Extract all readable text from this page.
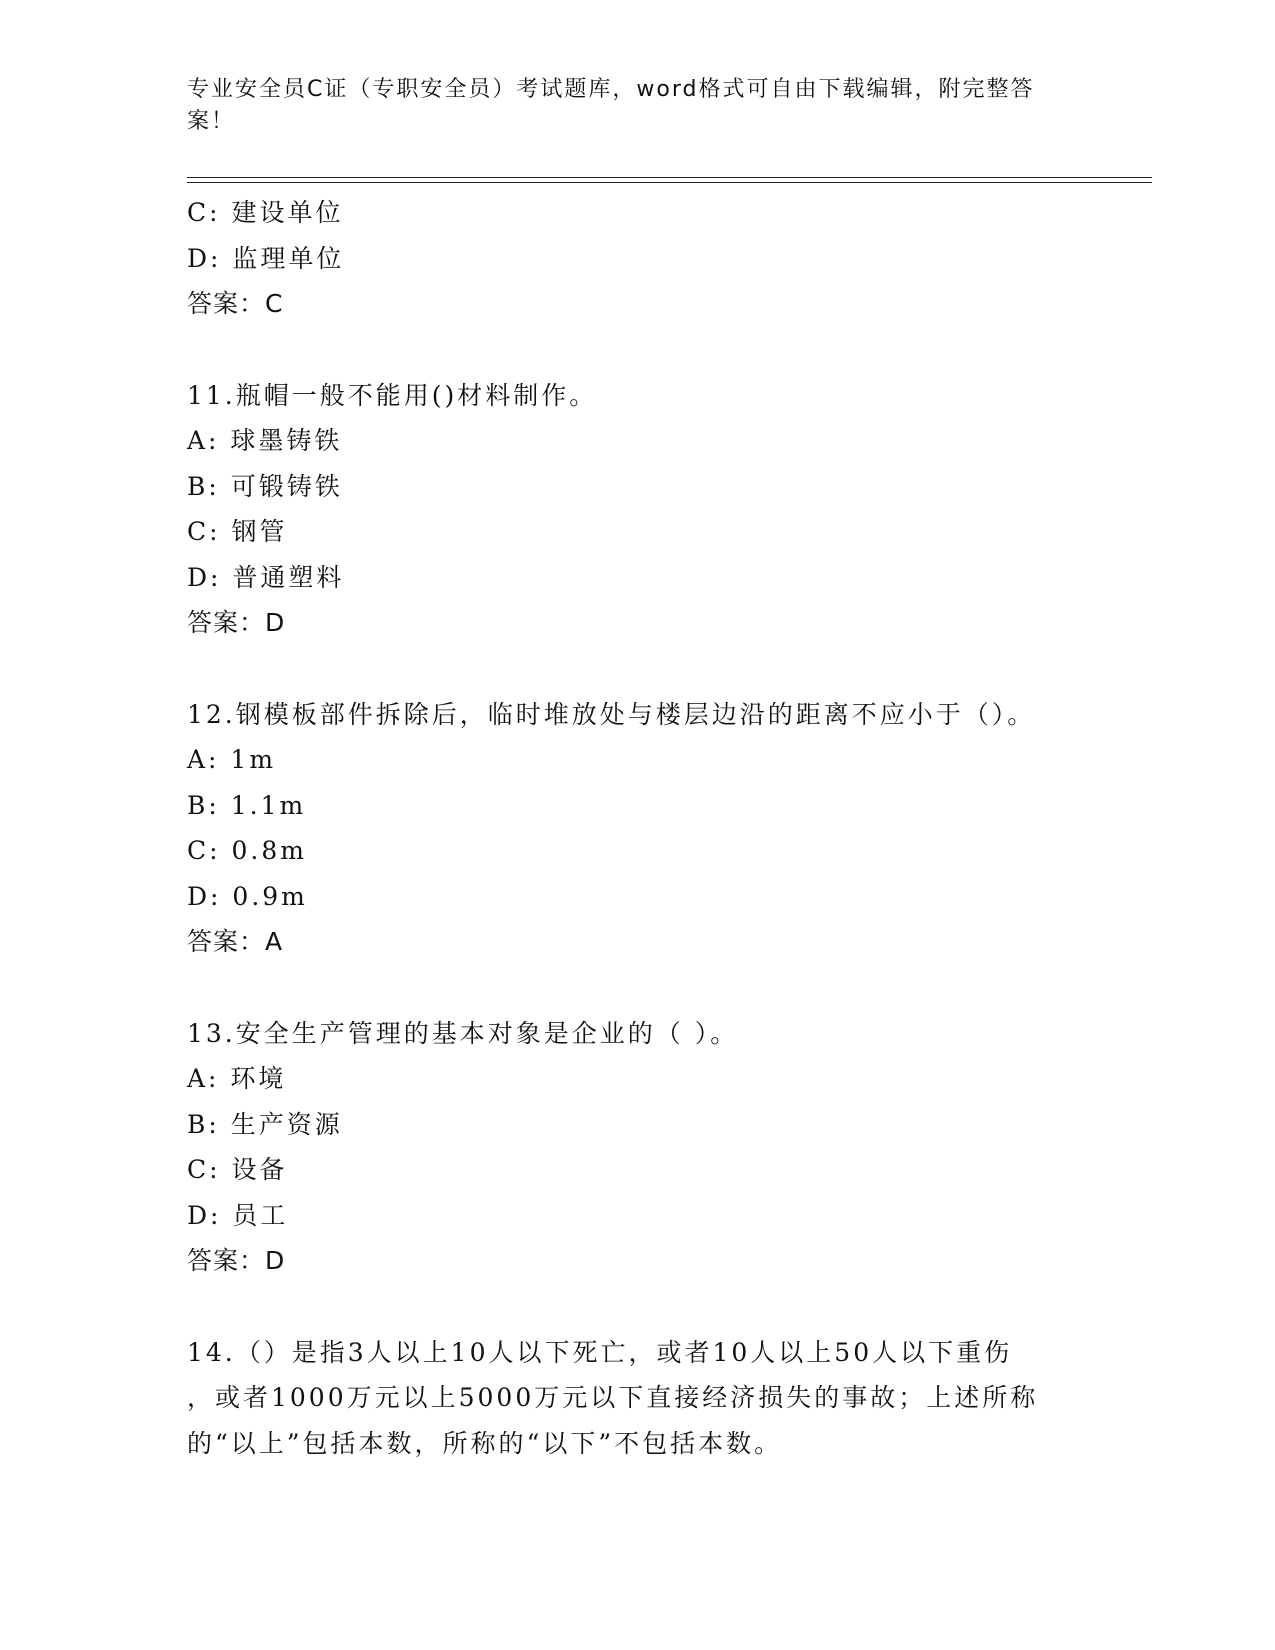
专业安全员C证（专职安全员）考试题库，word格式可自由下载编辑，附完整答
案！
C: 建设单位
D: 监理单位
答案：C
11.瓶帽一般不能用()材料制作。
A: 球墨铸铁
B: 可锻铸铁
C: 钢管
D: 普通塑料
答案：D
12.钢模板部件拆除后，临时堆放处与楼层边沿的距离不应小于（）。
A: 1m
B: 1.1m
C: 0.8m
D: 0.9m
答案：A
13.安全生产管理的基本对象是企业的（ ）。
A: 环境
B: 生产资源
C: 设备
D: 员工
答案：D
14.（）是指3人以上10人以下死亡，或者10人以上50人以下重伤
，或者1000万元以上5000万元以下直接经济损失的事故；上述所称
的“以上”包括本数，所称的“以下”不包括本数。
